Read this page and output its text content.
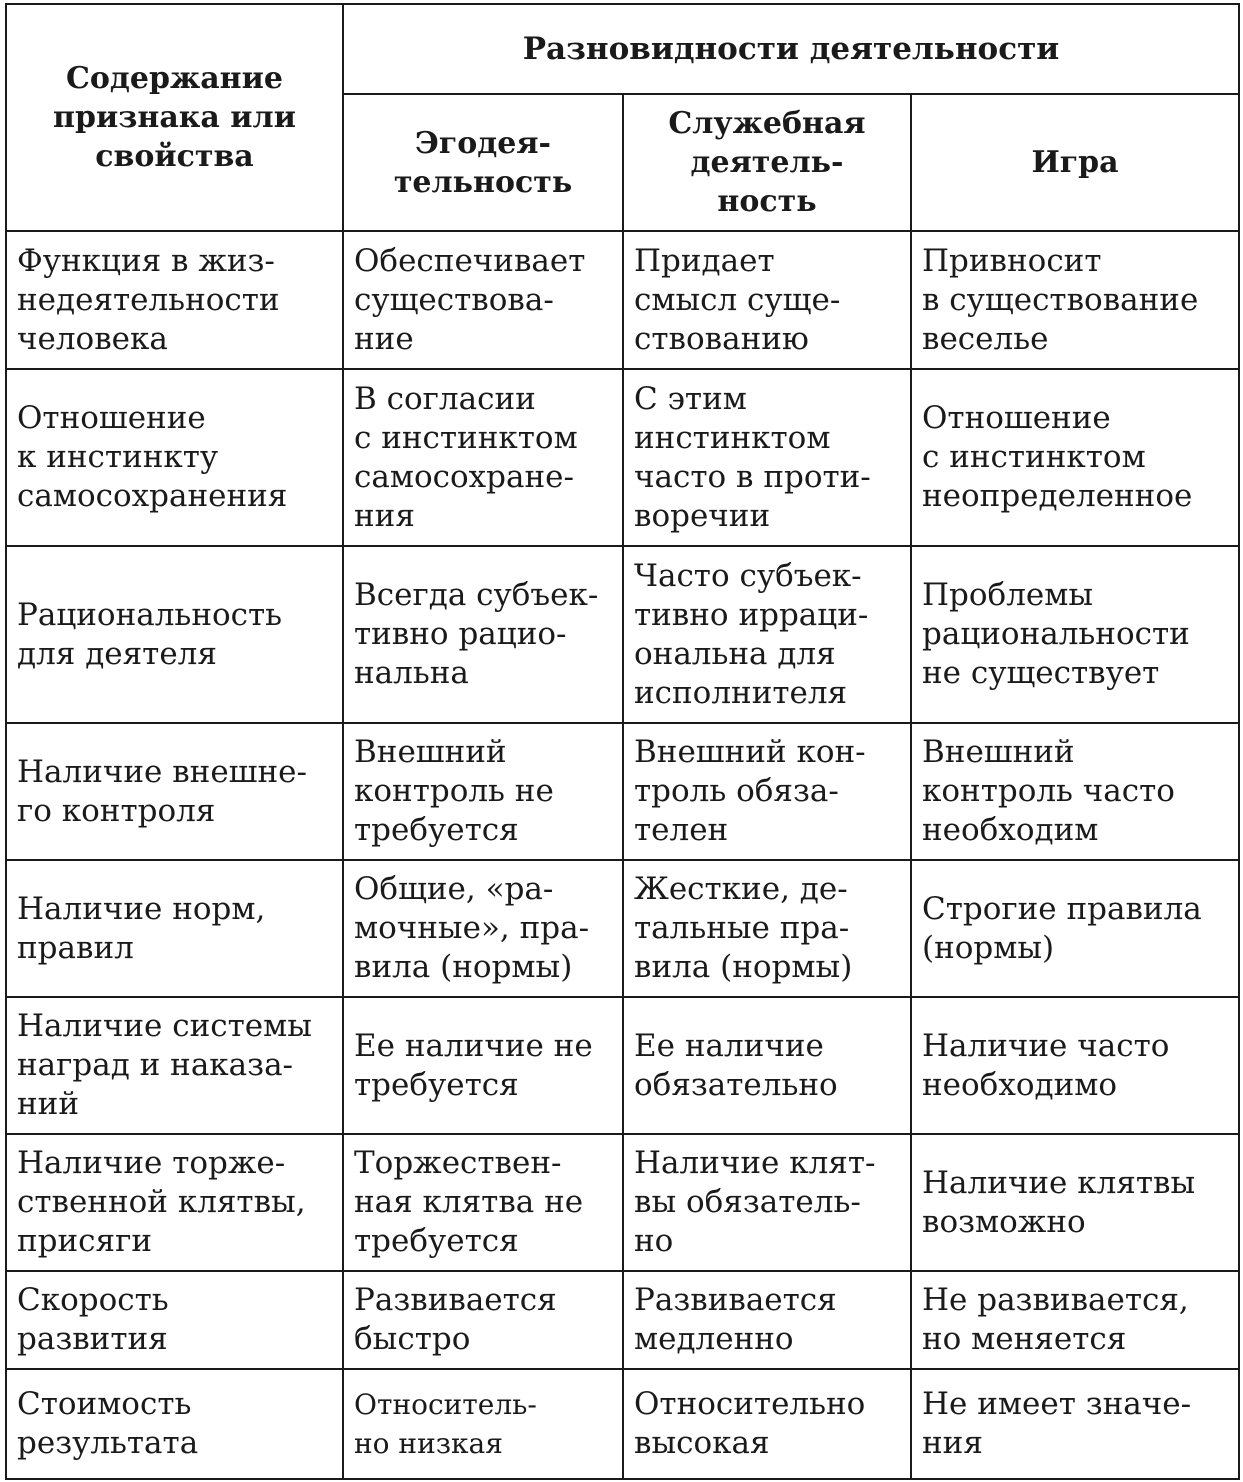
Содержание
признака или
свойства	Разновидности деятельности		

	Эгодея-
тельность	Служебная
деятель-
ность	Игра

Функция в жиз-
недеятельности
человека	Обеспечивает
существова-
ние	Придает
смысл суще-
ствованию	Привносит
в существование
веселье

Отношение
к инстинкту
самосохранения	В согласии
с инстинктом
самосохране-
ния	С этим
инстинктом
часто в проти-
воречии	Отношение
с инстинктом
неопределенное

Рациональность
для деятеля	Всегда субъек-
тивно рацио-
нальна	Часто субъек-
тивно ирраци-
ональна для
исполнителя	Проблемы
рациональности
не существует

Наличие внешне-
го контроля	Внешний
контроль не
требуется	Внешний кон-
троль обяза-
телен	Внешний
контроль часто
необходим

Наличие норм,
правил	Общие, «ра-
мочные», пра-
вила (нормы)	Жесткие, де-
тальные пра-
вила (нормы)	Строгие правила
(нормы)

Наличие системы
наград и наказа-
ний	Ее наличие не
требуется	Ее наличие
обязательно	Наличие часто
необходимо

Наличие торже-
ственной клятвы,
присяги	Торжествен-
ная клятва не
требуется	Наличие клят-
вы обязатель-
но	Наличие клятвы
возможно

Скорость
развития	Развивается
быстро	Развивается
медленно	Не развивается,
но меняется

Стоимость
результата	Относитель-
но низкая	Относительно
высокая	Не имеет значе-
ния
